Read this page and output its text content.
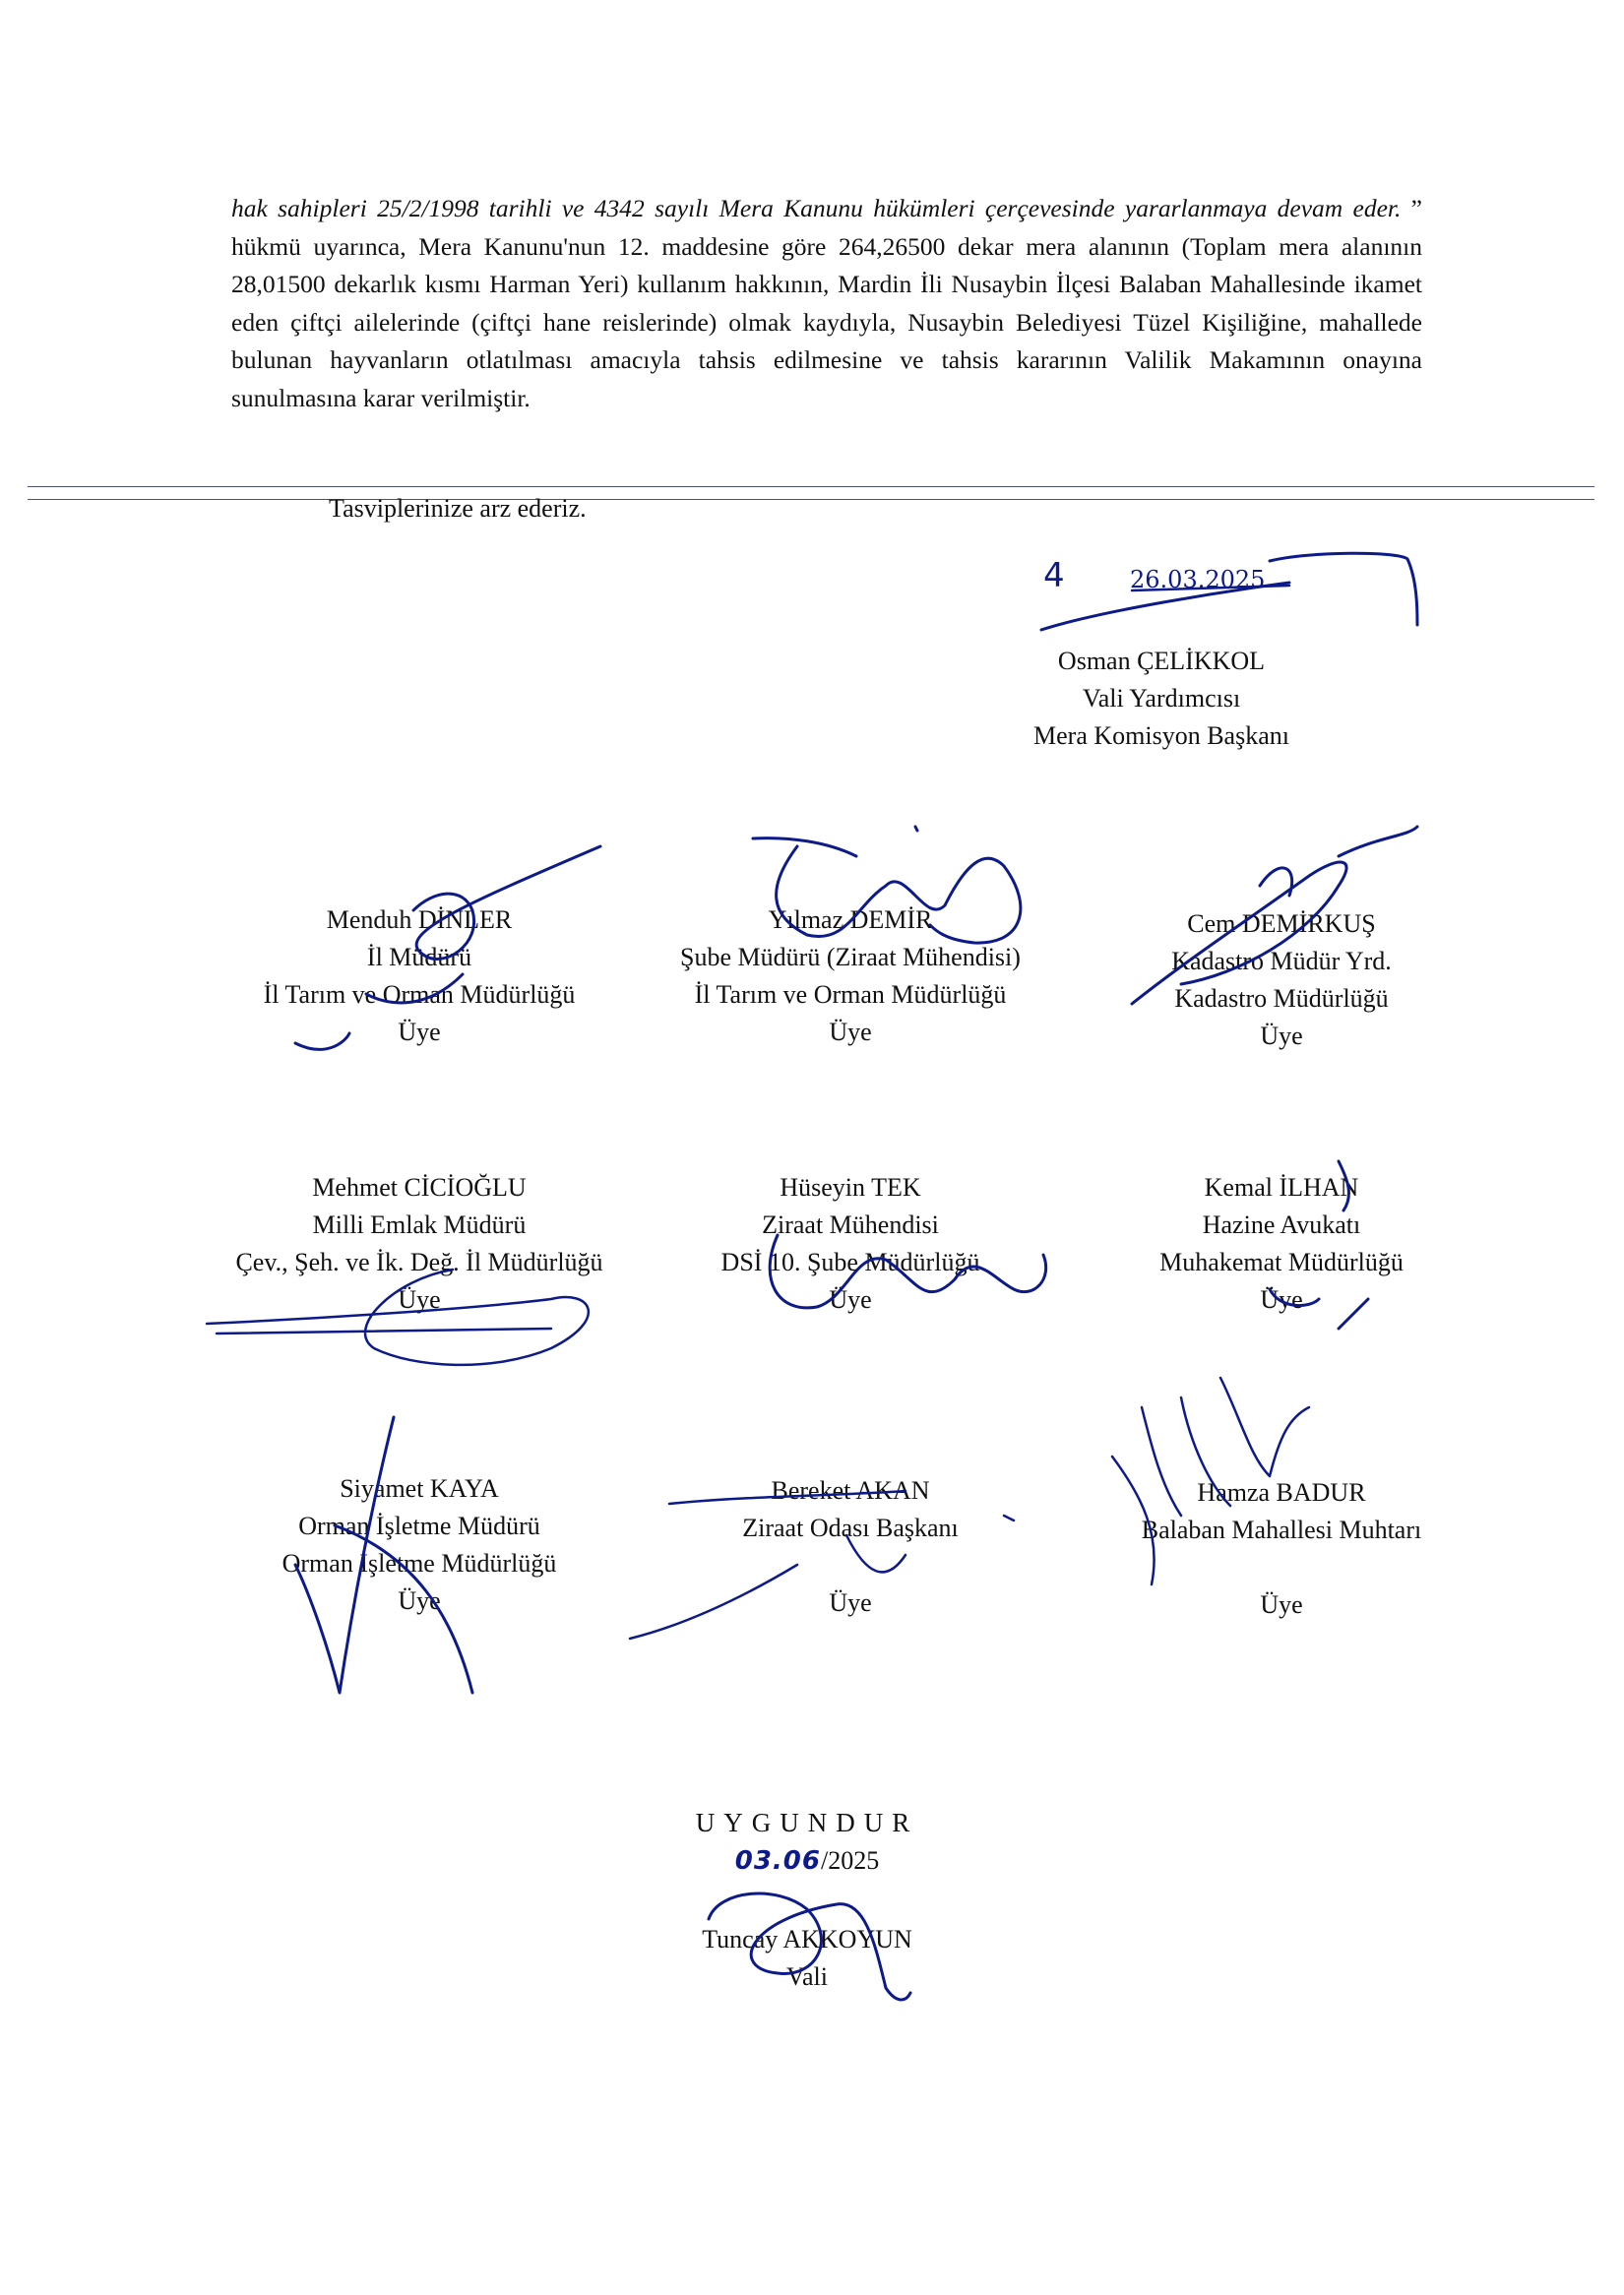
hak sahipleri 25/2/1998 tarihli ve 4342 sayılı Mera Kanunu hükümleri çerçevesinde yararlanmaya devam eder. ” hükmü uyarınca, Mera Kanunu'nun 12. maddesine göre 264,26500 dekar mera alanının (Toplam mera alanının 28,01500 dekarlık kısmı Harman Yeri) kullanım hakkının, Mardin İli Nusaybin İlçesi Balaban Mahallesinde ikamet eden çiftçi ailelerinde (çiftçi hane reislerinde) olmak kaydıyla, Nusaybin Belediyesi Tüzel Kişiliğine, mahallede bulunan hayvanların otlatılması amacıyla tahsis edilmesine ve tahsis kararının Valilik Makamının onayına sunulmasına karar verilmiştir.
Tasviplerinize arz ederiz.
4	26.03.2025
Osman ÇELİKKOL
Vali Yardımcısı
Mera Komisyon Başkanı
Menduh DİNLER
İl Müdürü
İl Tarım ve Orman Müdürlüğü
Üye
Yılmaz DEMİR
Şube Müdürü (Ziraat Mühendisi)
İl Tarım ve Orman Müdürlüğü
Üye
Cem DEMİRKUŞ
Kadastro Müdür Yrd.
Kadastro Müdürlüğü
Üye
Mehmet CİCİOĞLU
Milli Emlak Müdürü
Çev., Şeh. ve İk. Değ. İl Müdürlüğü
Üye
Hüseyin TEK
Ziraat Mühendisi
DSİ 10. Şube Müdürlüğü
Üye
Kemal İLHAN
Hazine Avukatı
Muhakemat Müdürlüğü
Üye
Siyamet KAYA
Orman İşletme Müdürü
Orman İşletme Müdürlüğü
Üye
Bereket AKAN
Ziraat Odası Başkanı
Üye
Hamza BADUR
Balaban Mahallesi Muhtarı
Üye
UYGUNDUR
03.06/2025
Tuncay AKKOYUN
Vali
